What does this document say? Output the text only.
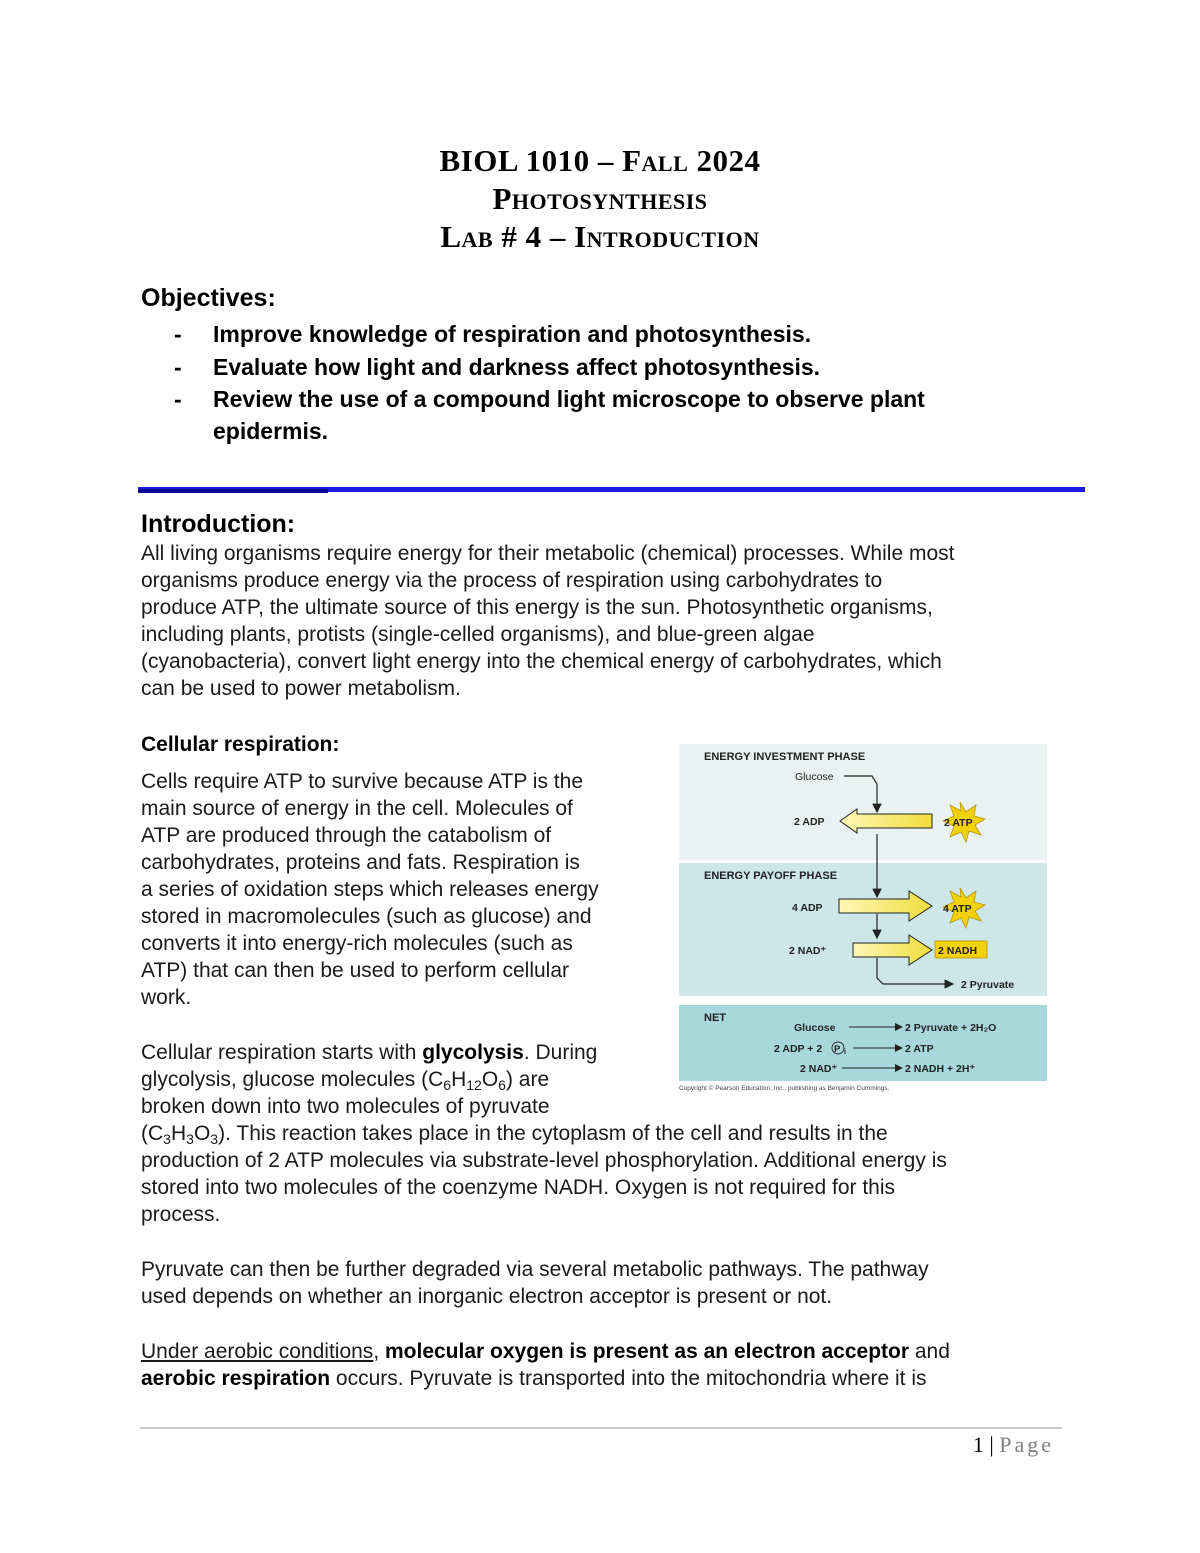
BIOL 1010 – Fall 2024
Photosynthesis
Lab # 4 – Introduction
Objectives:
- Improve knowledge of respiration and photosynthesis.
- Evaluate how light and darkness affect photosynthesis.
- Review the use of a compound light microscope to observe plant
epidermis.
Introduction:
All living organisms require energy for their metabolic (chemical) processes. While most
organisms produce energy via the process of respiration using carbohydrates to
produce ATP, the ultimate source of this energy is the sun. Photosynthetic organisms,
including plants, protists (single-celled organisms), and blue-green algae
(cyanobacteria), convert light energy into the chemical energy of carbohydrates, which
can be used to power metabolism.
Cellular respiration:
Cells require ATP to survive because ATP is the
main source of energy in the cell. Molecules of
ATP are produced through the catabolism of
carbohydrates, proteins and fats. Respiration is
a series of oxidation steps which releases energy
stored in macromolecules (such as glucose) and
converts it into energy-rich molecules (such as
ATP) that can then be used to perform cellular
work.
Cellular respiration starts with glycolysis. During
glycolysis, glucose molecules $(C_6H_{12}O_6)$ are
broken down into two molecules of pyruvate
$(C_3H_3O_3)$. This reaction takes place in the cytoplasm of the cell and results in the
production of 2 ATP molecules via substrate-level phosphorylation. Additional energy is
stored into two molecules of the coenzyme NADH. Oxygen is not required for this
process.
Pyruvate can then be further degraded via several metabolic pathways. The pathway
used depends on whether an inorganic electron acceptor is present or not.
Under aerobic conditions, molecular oxygen is present as an electron acceptor and
aerobic respiration occurs. Pyruvate is transported into the mitochondria where it is
ENERGY INVESTMENT PHASE
Glucose
2 ADP	2 ATP
ENERGY PAYOFF PHASE
4 ADP	4 ATP
2 NAD⁺	2 NADH
2 Pyruvate
NET
Glucose	2 Pyruvate + 2H₂O
2 ADP + 2 P i	2 ATP
2 NAD⁺	2 NADH + 2H⁺
Copyright © Pearson Education, Inc., publishing as Benjamin Cummings.
1 | Page
